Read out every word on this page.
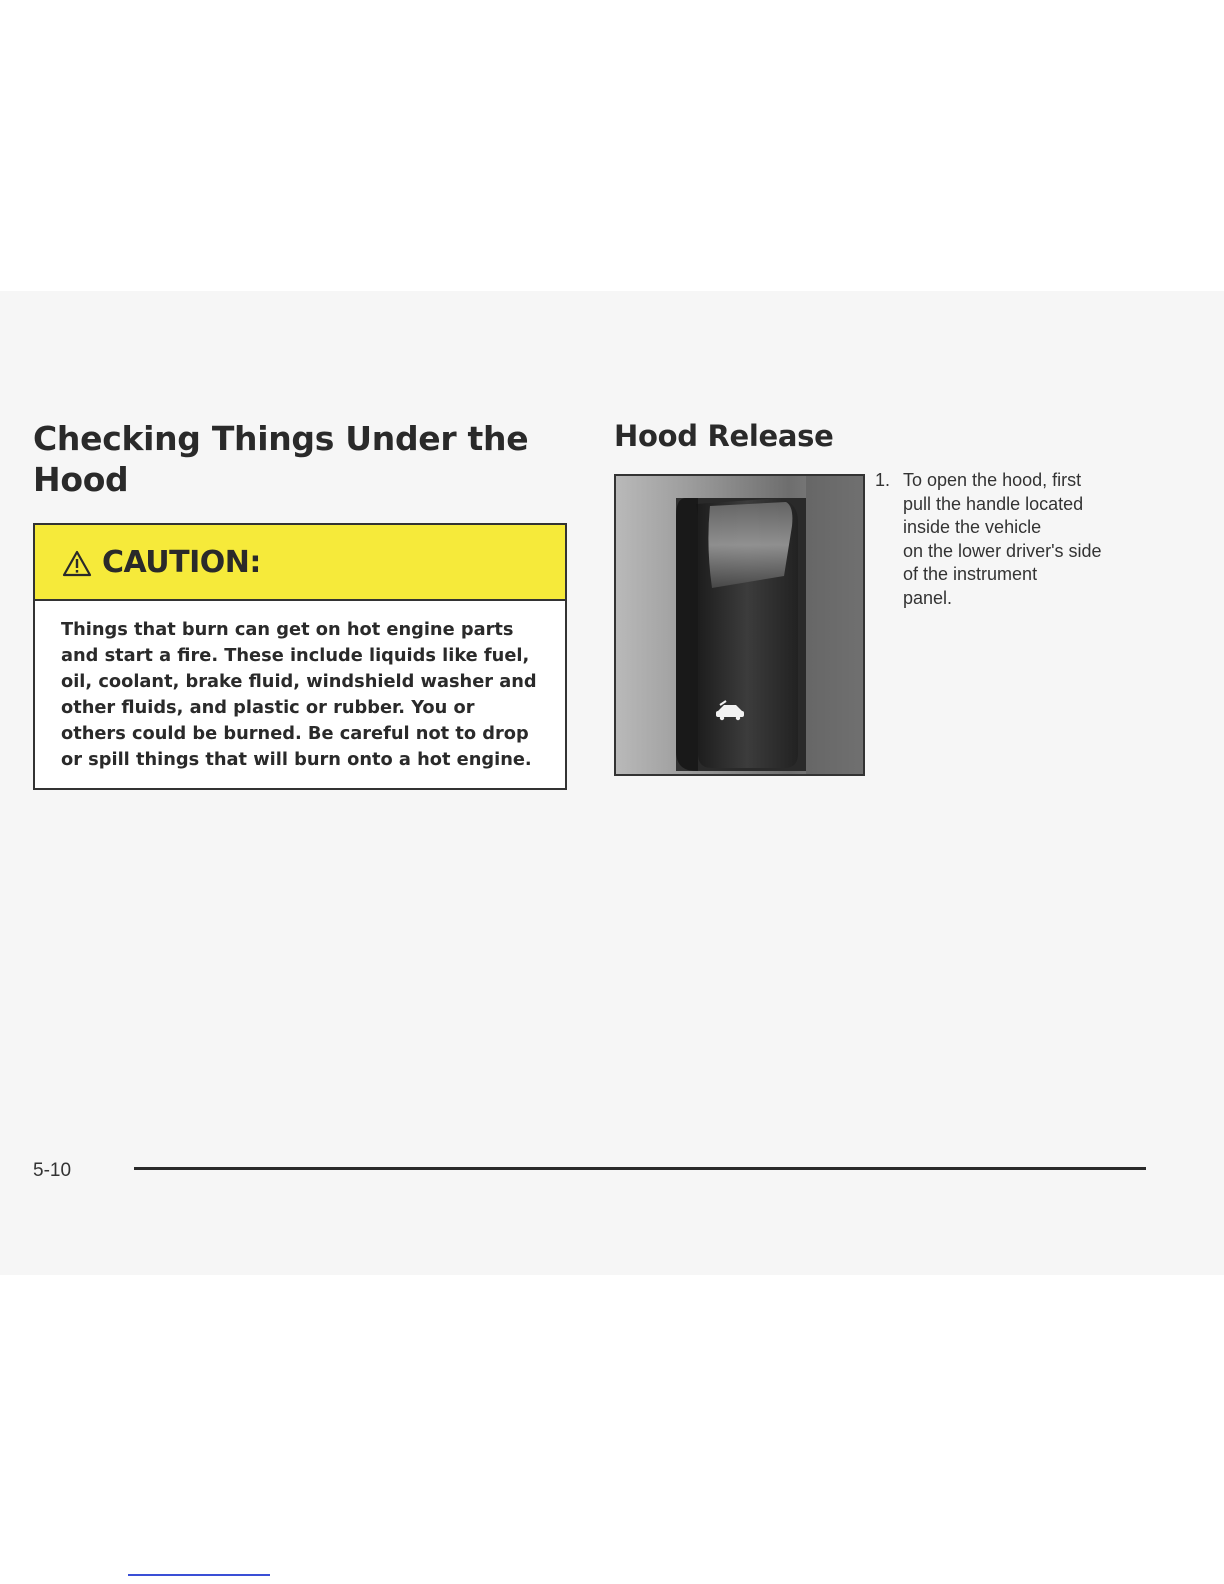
Checking Things Under the
Hood
CAUTION:
Things that burn can get on hot engine parts
and start a fire. These include liquids like fuel,
oil, coolant, brake fluid, windshield washer and
other fluids, and plastic or rubber. You or
others could be burned. Be careful not to drop
or spill things that will burn onto a hot engine.
Hood Release
1. To open the hood, first
pull the handle located
inside the vehicle
on the lower driver's side
of the instrument
panel.
5-10
